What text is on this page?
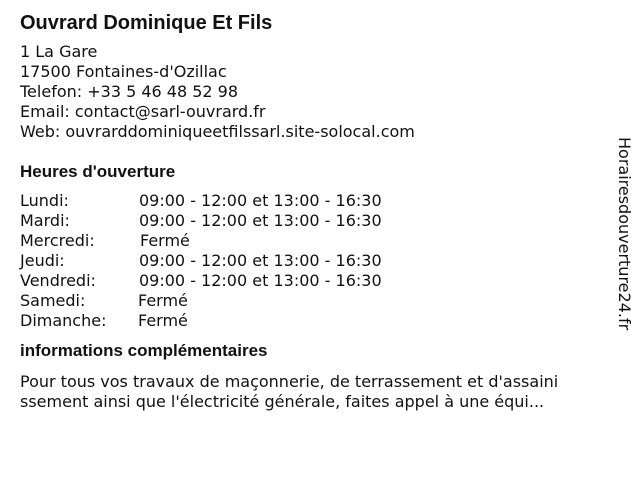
Ouvrard Dominique Et Fils
1 La Gare
17500 Fontaines-d'Ozillac
Telefon: +33 5 46 48 52 98
Email: contact@sarl-ouvrard.fr
Web: ouvrarddominiqueetfilssarl.site-solocal.com
Heures d'ouverture
Lundi:	09:00 - 12:00 et 13:00 - 16:30
Mardi:	09:00 - 12:00 et 13:00 - 16:30
Mercredi:	Fermé
Jeudi:	09:00 - 12:00 et 13:00 - 16:30
Vendredi:	09:00 - 12:00 et 13:00 - 16:30
Samedi:	Fermé
Dimanche: Fermé
informations complémentaires
Pour tous vos travaux de maçonnerie, de terrassement et d'assaini
ssement ainsi que l'électricité générale, faites appel à une équi...
Horairesdouverture24.fr
